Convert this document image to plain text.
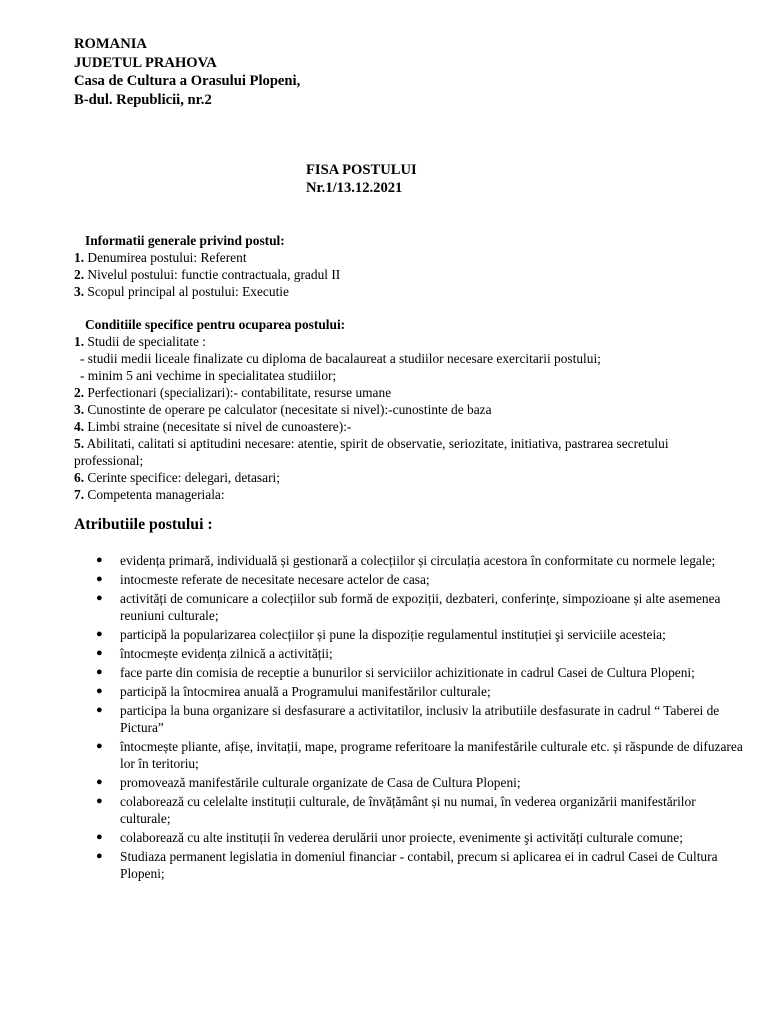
ROMANIA
JUDETUL PRAHOVA
Casa de Cultura a Orasului Plopeni,
B-dul. Republicii, nr.2
FISA POSTULUI
Nr.1/13.12.2021
Informatii generale privind postul:
1. Denumirea postului: Referent
2. Nivelul postului: functie contractuala, gradul II
3. Scopul principal al postului: Executie
Conditiile specifice pentru ocuparea postului:
1. Studii de specialitate :
- studii medii liceale finalizate cu diploma de bacalaureat a studiilor necesare exercitarii postului;
- minim 5 ani vechime in specialitatea studiilor;
2. Perfectionari (specializari):- contabilitate, resurse umane
3. Cunostinte de operare pe calculator (necesitate si nivel):-cunostinte de baza
4. Limbi straine (necesitate si nivel de cunoastere):-
5. Abilitati, calitati si aptitudini necesare: atentie, spirit de observatie, seriozitate, initiativa, pastrarea secretului professional;
6. Cerinte specifice: delegari, detasari;
7. Competenta manageriala:
Atributiile postului :
● evidența primară, individuală și gestionară a colecțiilor și circulația acestora în conformitate cu normele legale;
● intocmeste referate de necesitate necesare actelor de casa;
● activități de comunicare a colecțiilor sub formă de expoziții, dezbateri, conferințe, simpozioane și alte asemenea reuniuni culturale;
● participă la popularizarea colecțiilor și pune la dispoziție regulamentul instituției şi serviciile acesteia;
● întocmește evidența zilnică a activității;
● face parte din comisia de receptie a bunurilor si serviciilor achizitionate in cadrul Casei de Cultura Plopeni;
● participă la întocmirea anuală a Programului manifestărilor culturale;
● participa la buna organizare si desfasurare a activitatilor, inclusiv la atributiile desfasurate in cadrul “ Taberei de Pictura”
● întocmește pliante, afișe, invitații, mape, programe referitoare la manifestările culturale etc. și răspunde de difuzarea lor în teritoriu;
● promovează manifestările culturale organizate de Casa de Cultura Plopeni;
● colaborează cu celelalte instituții culturale, de învățământ și nu numai, în vederea organizării manifestărilor culturale;
● colaborează cu alte instituții în vederea derulării unor proiecte, evenimente şi activități culturale comune;
● Studiaza permanent legislatia in domeniul financiar - contabil, precum si aplicarea ei in cadrul Casei de Cultura Plopeni;
